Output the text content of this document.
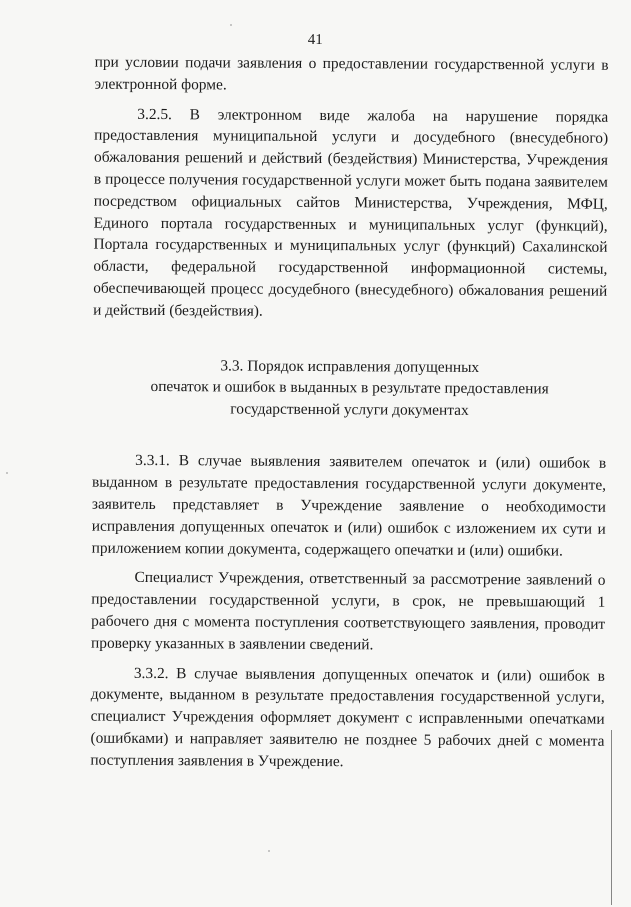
41

при условии подачи заявления о предоставлении государственной услуги в электронной форме.

3.2.5. В электронном виде жалоба на нарушение порядка предоставления муниципальной услуги и досудебного (внесудебного) обжалования решений и действий (бездействия) Министерства, Учреждения в процессе получения государственной услуги может быть подана заявителем посредством официальных сайтов Министерства, Учреждения, МФЦ, Единого портала государственных и муниципальных услуг (функций), Портала государственных и муниципальных услуг (функций) Сахалинской области, федеральной государственной информационной системы, обеспечивающей процесс досудебного (внесудебного) обжалования решений и действий (бездействия).

3.3. Порядок исправления допущенных
опечаток и ошибок в выданных в результате предоставления
государственной услуги документах

3.3.1. В случае выявления заявителем опечаток и (или) ошибок в выданном в результате предоставления государственной услуги документе, заявитель представляет в Учреждение заявление о необходимости исправления допущенных опечаток и (или) ошибок с изложением их сути и приложением копии документа, содержащего опечатки и (или) ошибки.

Специалист Учреждения, ответственный за рассмотрение заявлений о предоставлении государственной услуги, в срок, не превышающий 1 рабочего дня с момента поступления соответствующего заявления, проводит проверку указанных в заявлении сведений.

3.3.2. В случае выявления допущенных опечаток и (или) ошибок в документе, выданном в результате предоставления государственной услуги, специалист Учреждения оформляет документ с исправленными опечатками (ошибками) и направляет заявителю не позднее 5 рабочих дней с момента поступления заявления в Учреждение.
